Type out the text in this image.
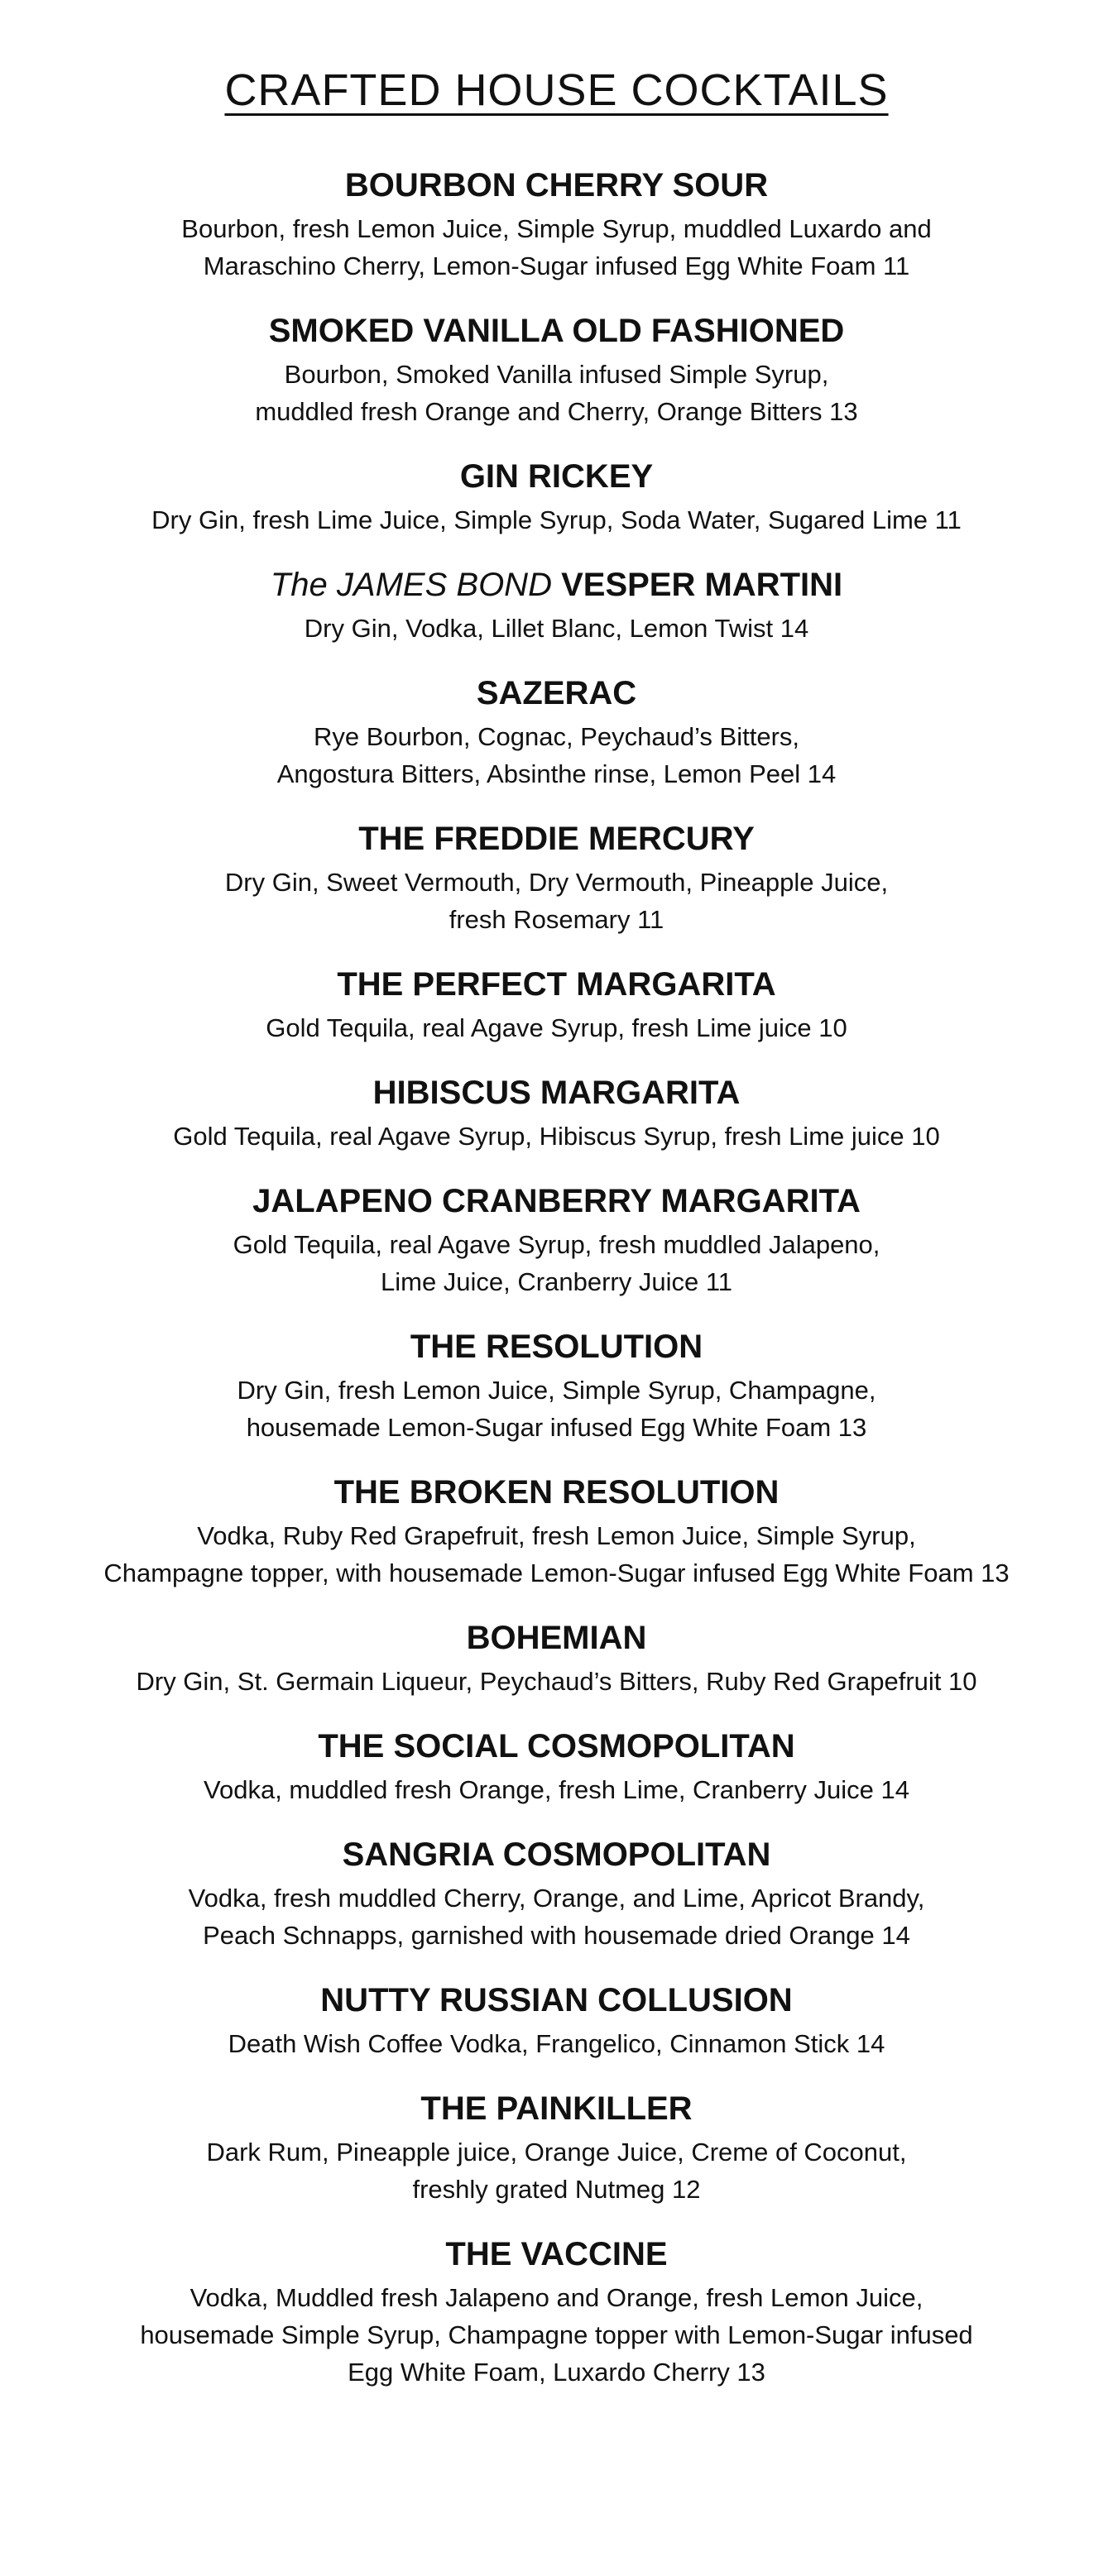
CRAFTED HOUSE COCKTAILS
BOURBON CHERRY SOUR

Bourbon, fresh Lemon Juice, Simple Syrup, muddled Luxardo and
Maraschino Cherry, Lemon-Sugar infused Egg White Foam 11

SMOKED VANILLA OLD FASHIONED

Bourbon, Smoked Vanilla infused Simple Syrup,
muddled fresh Orange and Cherry, Orange Bitters 13

GIN RICKEY

Dry Gin, fresh Lime Juice, Simple Syrup, Soda Water, Sugared Lime 11

The JAMES BOND VESPER MARTINI

Dry Gin, Vodka, Lillet Blanc, Lemon Twist 14

SAZERAC

Rye Bourbon, Cognac, Peychaud’s Bitters,
Angostura Bitters, Absinthe rinse, Lemon Peel 14

THE FREDDIE MERCURY

Dry Gin, Sweet Vermouth, Dry Vermouth, Pineapple Juice,
fresh Rosemary 11

THE PERFECT MARGARITA

Gold Tequila, real Agave Syrup, fresh Lime juice 10

HIBISCUS MARGARITA

Gold Tequila, real Agave Syrup, Hibiscus Syrup, fresh Lime juice 10

JALAPENO CRANBERRY MARGARITA

Gold Tequila, real Agave Syrup, fresh muddled Jalapeno,
Lime Juice, Cranberry Juice 11

THE RESOLUTION

Dry Gin, fresh Lemon Juice, Simple Syrup, Champagne,
housemade Lemon-Sugar infused Egg White Foam 13

THE BROKEN RESOLUTION

Vodka, Ruby Red Grapefruit, fresh Lemon Juice, Simple Syrup,
Champagne topper, with housemade Lemon-Sugar infused Egg White Foam 13

BOHEMIAN

Dry Gin, St. Germain Liqueur, Peychaud’s Bitters, Ruby Red Grapefruit 10

THE SOCIAL COSMOPOLITAN

Vodka, muddled fresh Orange, fresh Lime, Cranberry Juice 14

SANGRIA COSMOPOLITAN

Vodka, fresh muddled Cherry, Orange, and Lime, Apricot Brandy,
Peach Schnapps, garnished with housemade dried Orange 14

NUTTY RUSSIAN COLLUSION

Death Wish Coffee Vodka, Frangelico, Cinnamon Stick 14

THE PAINKILLER

Dark Rum, Pineapple juice, Orange Juice, Creme of Coconut,
freshly grated Nutmeg 12

THE VACCINE

Vodka, Muddled fresh Jalapeno and Orange, fresh Lemon Juice,
housemade Simple Syrup, Champagne topper with Lemon-Sugar infused
Egg White Foam, Luxardo Cherry 13
